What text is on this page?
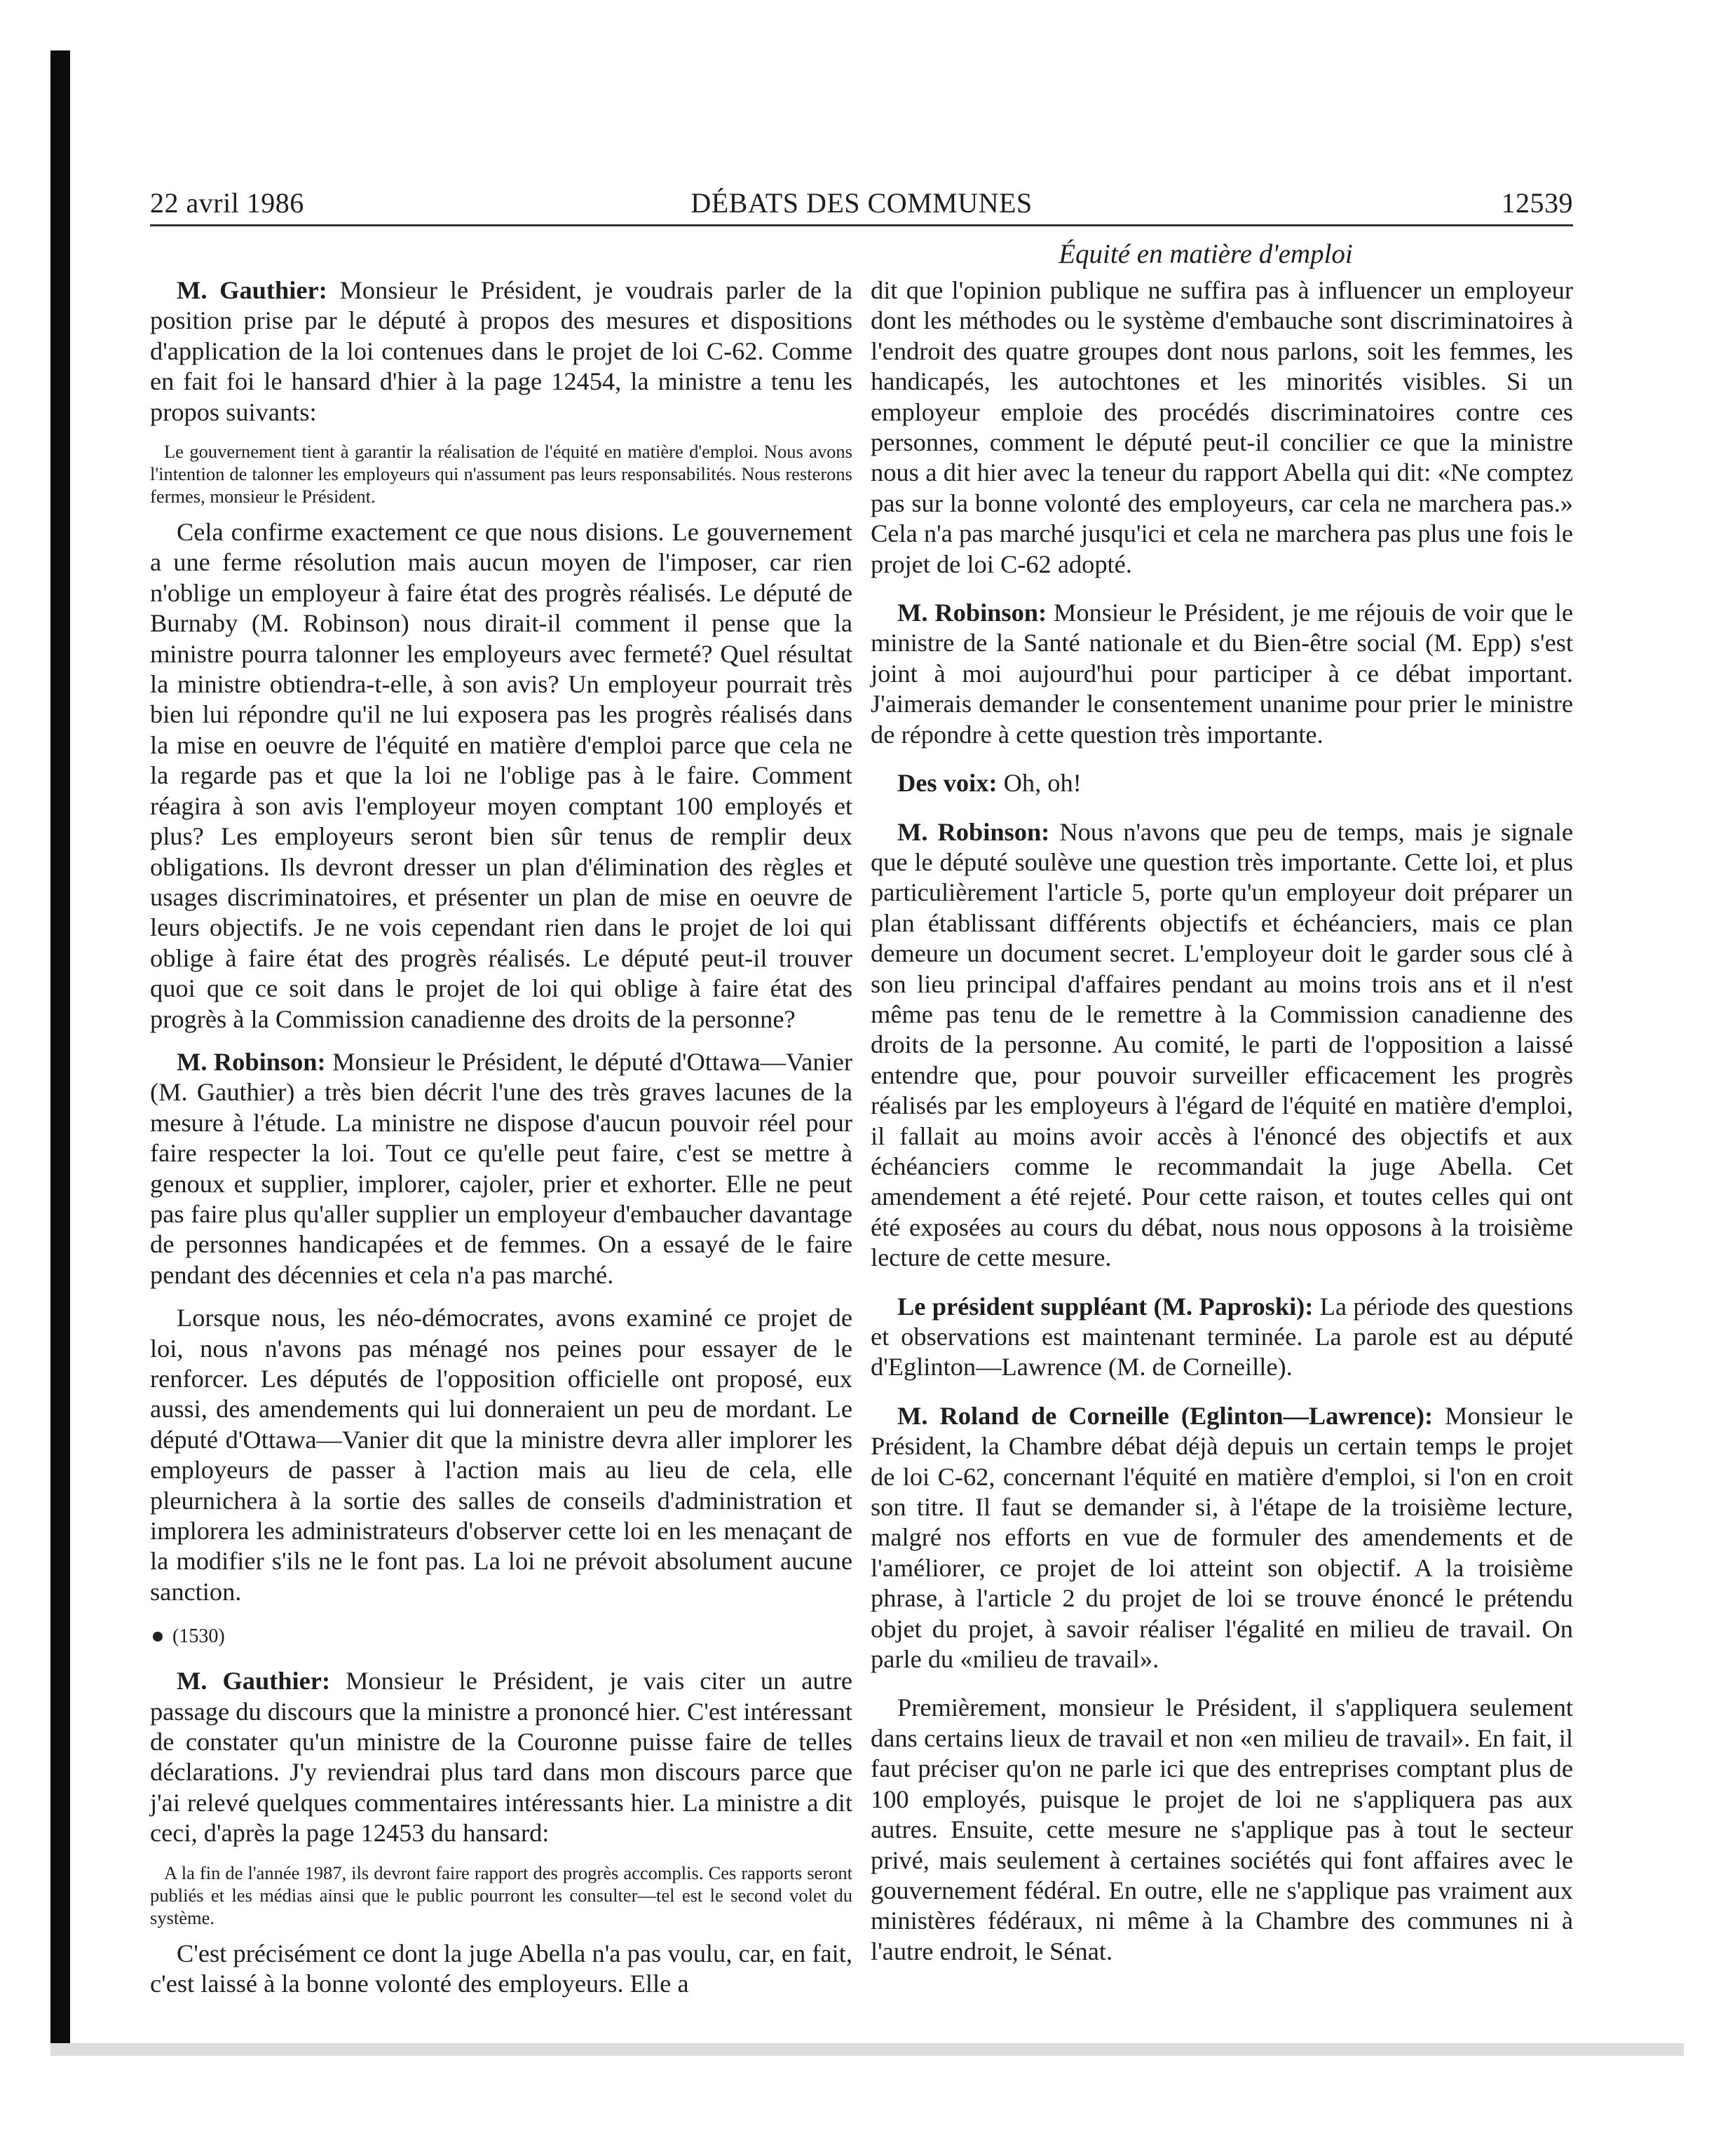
DÉBATS DES COMMUNES
22 avril 1986	12539
Équité en matière d'emploi

M. Gauthier: Monsieur le Président, je voudrais parler de la position prise par le député à propos des mesures et dispositions d'application de la loi contenues dans le projet de loi C-62. Comme en fait foi le hansard d'hier à la page 12454, la ministre a tenu les propos suivants:

Le gouvernement tient à garantir la réalisation de l'équité en matière d'emploi. Nous avons l'intention de talonner les employeurs qui n'assument pas leurs responsabilités. Nous resterons fermes, monsieur le Président.

Cela confirme exactement ce que nous disions. Le gouvernement a une ferme résolution mais aucun moyen de l'imposer, car rien n'oblige un employeur à faire état des progrès réalisés. Le député de Burnaby (M. Robinson) nous dirait-il comment il pense que la ministre pourra talonner les employeurs avec fermeté? Quel résultat la ministre obtiendra-t-elle, à son avis? Un employeur pourrait très bien lui répondre qu'il ne lui exposera pas les progrès réalisés dans la mise en oeuvre de l'équité en matière d'emploi parce que cela ne la regarde pas et que la loi ne l'oblige pas à le faire. Comment réagira à son avis l'employeur moyen comptant 100 employés et plus? Les employeurs seront bien sûr tenus de remplir deux obligations. Ils devront dresser un plan d'élimination des règles et usages discriminatoires, et présenter un plan de mise en oeuvre de leurs objectifs. Je ne vois cependant rien dans le projet de loi qui oblige à faire état des progrès réalisés. Le député peut-il trouver quoi que ce soit dans le projet de loi qui oblige à faire état des progrès à la Commission canadienne des droits de la personne?

M. Robinson: Monsieur le Président, le député d'Ottawa—Vanier (M. Gauthier) a très bien décrit l'une des très graves lacunes de la mesure à l'étude. La ministre ne dispose d'aucun pouvoir réel pour faire respecter la loi. Tout ce qu'elle peut faire, c'est se mettre à genoux et supplier, implorer, cajoler, prier et exhorter. Elle ne peut pas faire plus qu'aller supplier un employeur d'embaucher davantage de personnes handicapées et de femmes. On a essayé de le faire pendant des décennies et cela n'a pas marché.

Lorsque nous, les néo-démocrates, avons examiné ce projet de loi, nous n'avons pas ménagé nos peines pour essayer de le renforcer. Les députés de l'opposition officielle ont proposé, eux aussi, des amendements qui lui donneraient un peu de mordant. Le député d'Ottawa—Vanier dit que la ministre devra aller implorer les employeurs de passer à l'action mais au lieu de cela, elle pleurnichera à la sortie des salles de conseils d'administration et implorera les administrateurs d'observer cette loi en les menaçant de la modifier s'ils ne le font pas. La loi ne prévoit absolument aucune sanction.

(1530)

M. Gauthier: Monsieur le Président, je vais citer un autre passage du discours que la ministre a prononcé hier. C'est intéressant de constater qu'un ministre de la Couronne puisse faire de telles déclarations. J'y reviendrai plus tard dans mon discours parce que j'ai relevé quelques commentaires intéressants hier. La ministre a dit ceci, d'après la page 12453 du hansard:

A la fin de l'année 1987, ils devront faire rapport des progrès accomplis. Ces rapports seront publiés et les médias ainsi que le public pourront les consulter—tel est le second volet du système.

C'est précisément ce dont la juge Abella n'a pas voulu, car, en fait, c'est laissé à la bonne volonté des employeurs. Elle a

dit que l'opinion publique ne suffira pas à influencer un employeur dont les méthodes ou le système d'embauche sont discriminatoires à l'endroit des quatre groupes dont nous parlons, soit les femmes, les handicapés, les autochtones et les minorités visibles. Si un employeur emploie des procédés discriminatoires contre ces personnes, comment le député peut-il concilier ce que la ministre nous a dit hier avec la teneur du rapport Abella qui dit: «Ne comptez pas sur la bonne volonté des employeurs, car cela ne marchera pas.» Cela n'a pas marché jusqu'ici et cela ne marchera pas plus une fois le projet de loi C-62 adopté.

M. Robinson: Monsieur le Président, je me réjouis de voir que le ministre de la Santé nationale et du Bien-être social (M. Epp) s'est joint à moi aujourd'hui pour participer à ce débat important. J'aimerais demander le consentement unanime pour prier le ministre de répondre à cette question très importante.

Des voix: Oh, oh!

M. Robinson: Nous n'avons que peu de temps, mais je signale que le député soulève une question très importante. Cette loi, et plus particulièrement l'article 5, porte qu'un employeur doit préparer un plan établissant différents objectifs et échéanciers, mais ce plan demeure un document secret. L'employeur doit le garder sous clé à son lieu principal d'affaires pendant au moins trois ans et il n'est même pas tenu de le remettre à la Commission canadienne des droits de la personne. Au comité, le parti de l'opposition a laissé entendre que, pour pouvoir surveiller efficacement les progrès réalisés par les employeurs à l'égard de l'équité en matière d'emploi, il fallait au moins avoir accès à l'énoncé des objectifs et aux échéanciers comme le recommandait la juge Abella. Cet amendement a été rejeté. Pour cette raison, et toutes celles qui ont été exposées au cours du débat, nous nous opposons à la troisième lecture de cette mesure.

Le président suppléant (M. Paproski): La période des questions et observations est maintenant terminée. La parole est au député d'Eglinton—Lawrence (M. de Corneille).

M. Roland de Corneille (Eglinton—Lawrence): Monsieur le Président, la Chambre débat déjà depuis un certain temps le projet de loi C-62, concernant l'équité en matière d'emploi, si l'on en croit son titre. Il faut se demander si, à l'étape de la troisième lecture, malgré nos efforts en vue de formuler des amendements et de l'améliorer, ce projet de loi atteint son objectif. A la troisième phrase, à l'article 2 du projet de loi se trouve énoncé le prétendu objet du projet, à savoir réaliser l'égalité en milieu de travail. On parle du «milieu de travail».

Premièrement, monsieur le Président, il s'appliquera seulement dans certains lieux de travail et non «en milieu de travail». En fait, il faut préciser qu'on ne parle ici que des entreprises comptant plus de 100 employés, puisque le projet de loi ne s'appliquera pas aux autres. Ensuite, cette mesure ne s'applique pas à tout le secteur privé, mais seulement à certaines sociétés qui font affaires avec le gouvernement fédéral. En outre, elle ne s'applique pas vraiment aux ministères fédéraux, ni même à la Chambre des communes ni à l'autre endroit, le Sénat.
